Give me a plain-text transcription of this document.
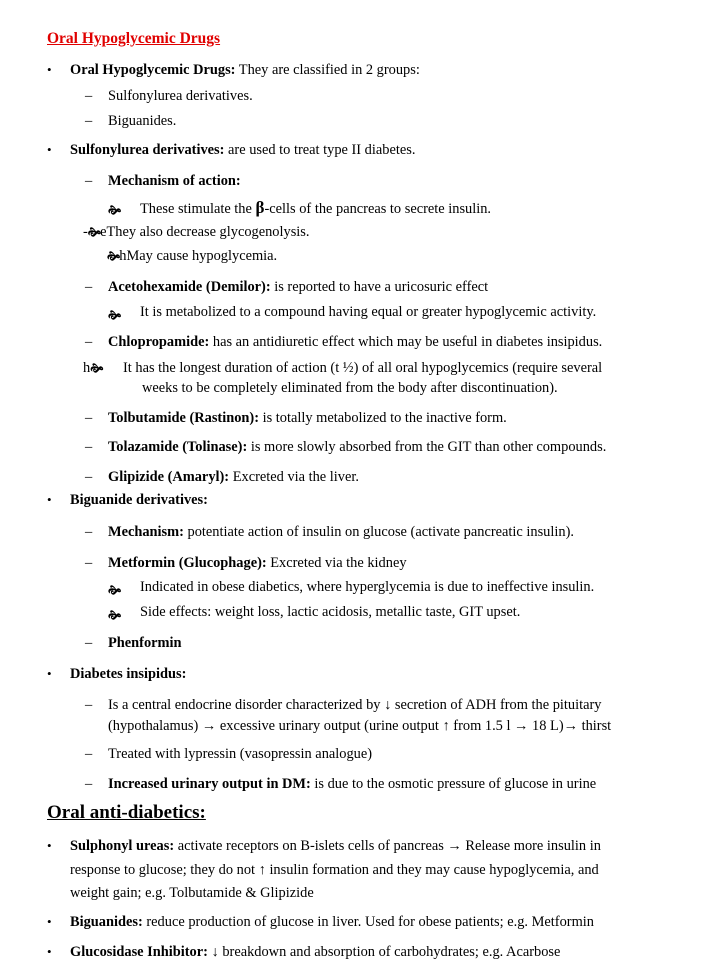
Oral Hypoglycemic Drugs
• Oral Hypoglycemic Drugs: They are classified in 2 groups:
– Sulfonylurea derivatives.
– Biguanides.
• Sulfonylurea derivatives: are used to treat type II diabetes.
– Mechanism of action:
🙞 These stimulate the β-cells of the pancreas to secrete insulin.
-🙞eThey also decrease glycogenolysis.
🙞hMay cause hypoglycemia.
– Acetohexamide (Demilor): is reported to have a uricosuric effect
🙞 It is metabolized to a compound having equal or greater hypoglycemic activity.
– Chlopropamide: has an antidiuretic effect which may be useful in diabetes insipidus.
h🙞 It has the longest duration of action (t ½) of all oral hypoglycemics (require several
weeks to be completely eliminated from the body after discontinuation).
– Tolbutamide (Rastinon): is totally metabolized to the inactive form.
– Tolazamide (Tolinase): is more slowly absorbed from the GIT than other compounds.
– Glipizide (Amaryl): Excreted via the liver.
• Biguanide derivatives:
– Mechanism: potentiate action of insulin on glucose (activate pancreatic insulin).
– Metformin (Glucophage): Excreted via the kidney
🙞 Indicated in obese diabetics, where hyperglycemia is due to ineffective insulin.
🙞 Side effects: weight loss, lactic acidosis, metallic taste, GIT upset.
– Phenformin
• Diabetes insipidus:
– Is a central endocrine disorder characterized by ↓ secretion of ADH from the pituitary
(hypothalamus) → excessive urinary output (urine output ↑ from 1.5 l → 18 L)→ thirst
– Treated with lypressin (vasopressin analogue)
– Increased urinary output in DM: is due to the osmotic pressure of glucose in urine
Oral anti-diabetics:
• Sulphonyl ureas: activate receptors on B-islets cells of pancreas → Release more insulin in
response to glucose; they do not ↑ insulin formation and they may cause hypoglycemia, and
weight gain; e.g. Tolbutamide & Glipizide
• Biguanides: reduce production of glucose in liver. Used for obese patients; e.g. Metformin
• Glucosidase Inhibitor: ↓ breakdown and absorption of carbohydrates; e.g. Acarbose
